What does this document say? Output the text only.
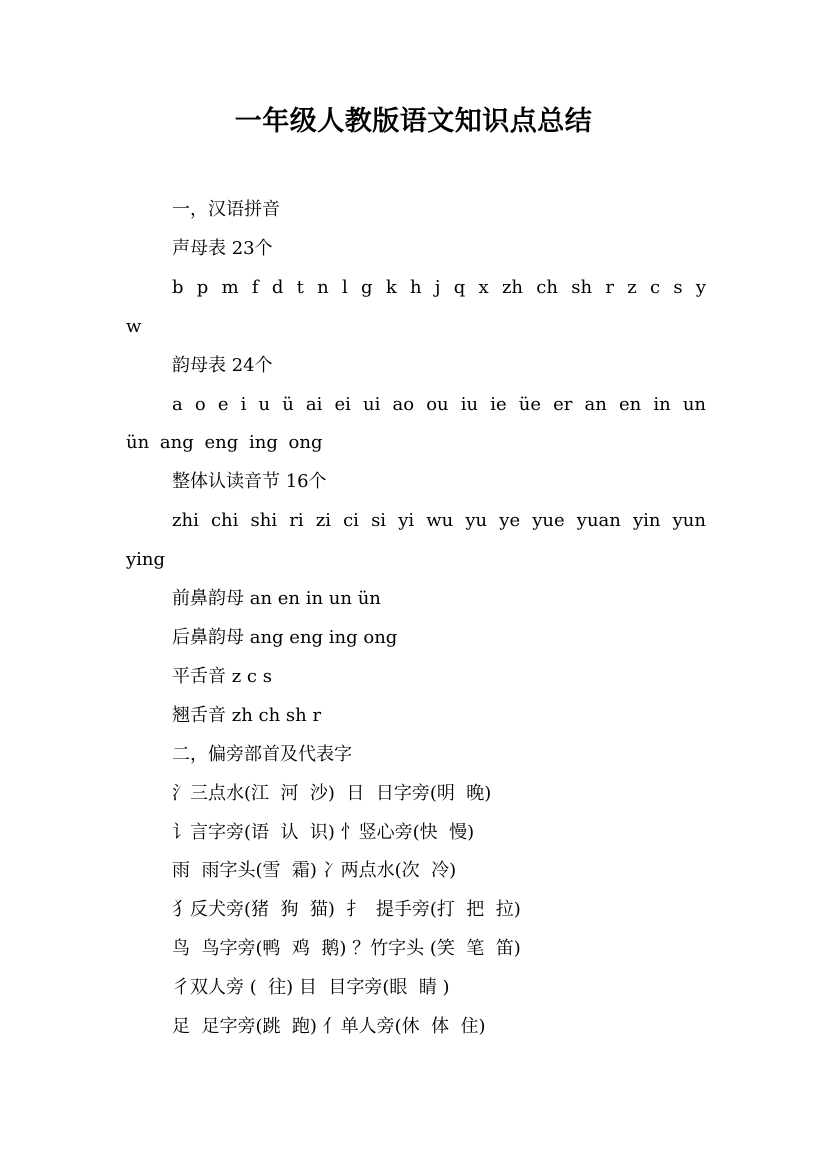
一年级人教版语文知识点总结

一，汉语拼音

声母表 23个

b p m f d t n l g k h j q x zh ch sh r z c s y w

韵母表 24个

a o e i u ü ai ei ui ao ou iu ie üe er an en in un ün ang eng ing ong

整体认读音节 16个

zhi chi shi ri zi ci si yi wu yu ye yue yuan yin yun ying

前鼻韵母 an en in un ün

后鼻韵母 ang eng ing ong

平舌音 z c s

翘舌音 zh ch sh r

二，偏旁部首及代表字

氵三点水(江  河  沙)  日  日字旁(明  晚)

讠言字旁(语  认  识) 忄竖心旁(快  慢)

雨  雨字头(雪  霜) 冫两点水(次  冷)

犭反犬旁(猪  狗  猫)  扌  提手旁(打  把  拉)

鸟  鸟字旁(鸭  鸡  鹅) ？竹字头 (笑  笔  笛)

彳双人旁 (  往) 目  目字旁(眼  睛 )

足  足字旁(跳  跑) 亻单人旁(休  体  住)
